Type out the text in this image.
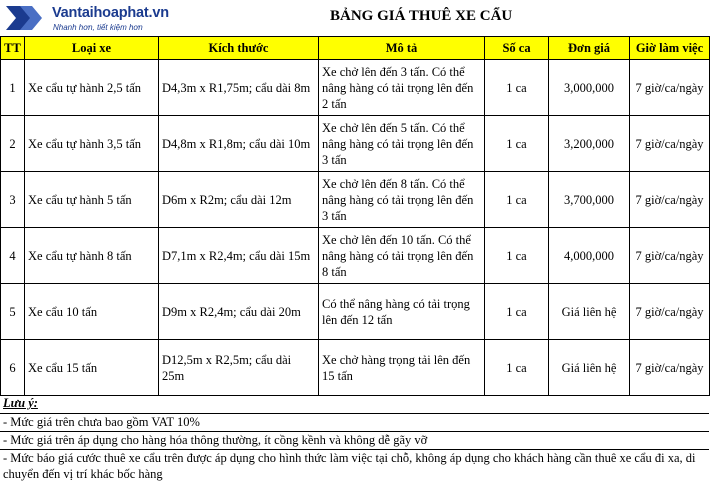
Vantaihoaphat.vn
Nhanh hơn, tiết kiệm hơn
BẢNG GIÁ THUÊ XE CẨU
TT	Loại xe	Kích thước	Mô tả	Số ca	Đơn giá	Giờ làm việc
1	Xe cẩu tự hành 2,5 tấn	D4,3m x R1,75m; cẩu dài 8m	Xe chở lên đến 3 tấn. Có thể nâng hàng có tải trọng lên đến 2 tấn	1 ca	3,000,000	7 giờ/ca/ngày
2	Xe cẩu tự hành 3,5 tấn	D4,8m x R1,8m; cẩu dài 10m	Xe chở lên đến 5 tấn. Có thể nâng hàng có tải trọng lên đến 3 tấn	1 ca	3,200,000	7 giờ/ca/ngày
3	Xe cẩu tự hành 5 tấn	D6m x R2m; cẩu dài 12m	Xe chở lên đến 8 tấn. Có thể nâng hàng có tải trọng lên đến 3 tấn	1 ca	3,700,000	7 giờ/ca/ngày
4	Xe cẩu tự hành 8 tấn	D7,1m x R2,4m; cẩu dài 15m	Xe chở lên đến 10 tấn. Có thể nâng hàng có tải trọng lên đến 8 tấn	1 ca	4,000,000	7 giờ/ca/ngày
5	Xe cẩu 10 tấn	D9m x R2,4m; cẩu dài 20m	Có thể nâng hàng có tải trọng lên đến 12 tấn	1 ca	Giá liên hệ	7 giờ/ca/ngày
6	Xe cẩu 15 tấn	D12,5m x R2,5m; cẩu dài 25m	Xe chở hàng trọng tải lên đến 15 tấn	1 ca	Giá liên hệ	7 giờ/ca/ngày
Lưu ý:
- Mức giá trên chưa bao gồm VAT 10%
- Mức giá trên áp dụng cho hàng hóa thông thường, ít cồng kềnh và không dễ gãy vỡ
- Mức báo giá cước thuê xe cẩu trên được áp dụng cho hình thức làm việc tại chỗ, không áp dụng cho khách hàng cần thuê xe cẩu đi xa, di chuyển đến vị trí khác bốc hàng
